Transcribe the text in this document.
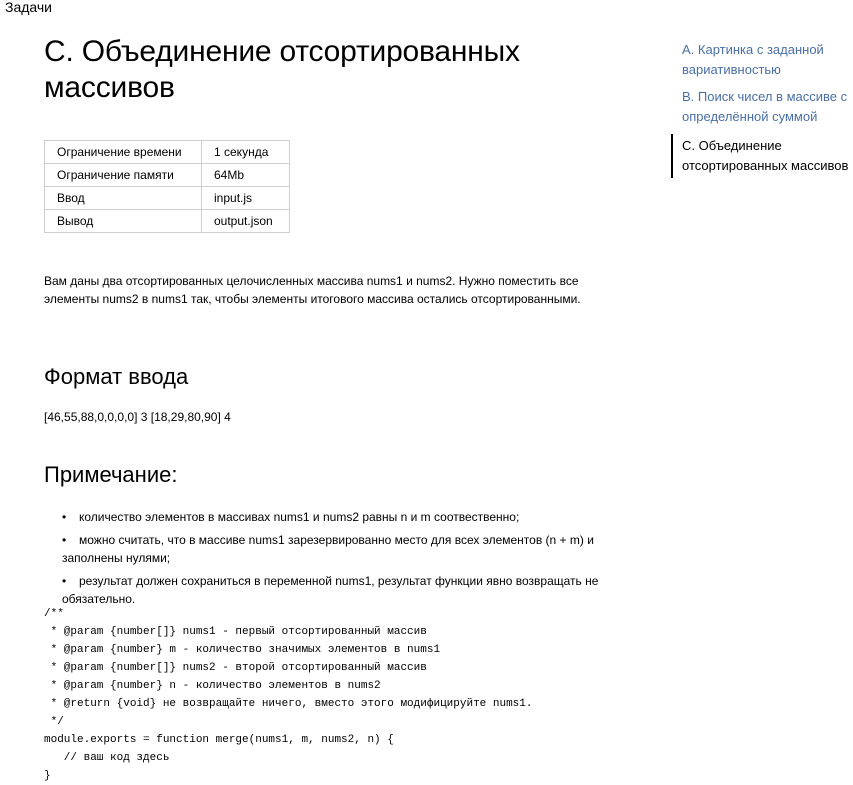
Задачи
C. Объединение отсортированных массивов
Ограничение времени	1 секунда
Ограничение памяти	64Mb
Ввод	input.js
Вывод	output.json
Вам даны два отсортированных целочисленных массива nums1 и nums2. Нужно поместить все элементы nums2 в nums1 так, чтобы элементы итогового массива остались отсортированными.
Формат ввода
[46,55,88,0,0,0,0] 3 [18,29,80,90] 4
Примечание:
•	количество элементов в массивах nums1 и nums2 равны n и m соотвественно;
•	можно считать, что в массиве nums1 зарезервированно место для всех элементов (n + m) и заполнены нулями;
•	результат должен сохраниться в переменной nums1, результат функции явно возвращать не обязательно.
/**
* @param {number[]} nums1 - первый отсортированный массив
* @param {number} m - количество значимых элементов в nums1
* @param {number[]} nums2 - второй отсортированный массив
* @param {number} n - количество элементов в nums2
* @return {void} не возвращайте ничего, вместо этого модифицируйте nums1.
*/
module.exports = function merge(nums1, m, nums2, n) {
// ваш код здесь
}
A. Картинка с заданной вариативностью
B. Поиск чисел в массиве с определённой суммой
C. Объединение отсортированных массивов
